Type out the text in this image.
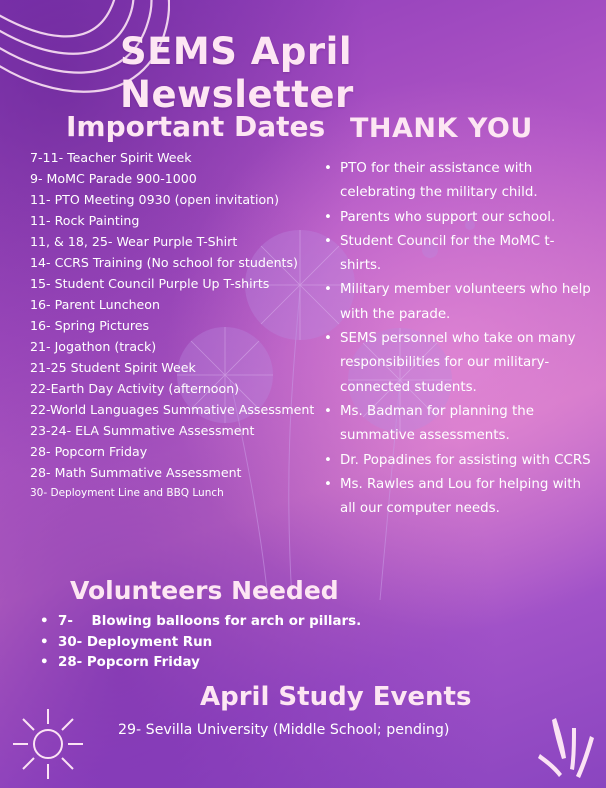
SEMS April Newsletter
Important Dates
7-11- Teacher Spirit Week
9- MoMC Parade 900-1000
11- PTO Meeting 0930 (open invitation)
11- Rock Painting
11, & 18, 25- Wear Purple T-Shirt
14- CCRS Training (No school for students)
15- Student Council Purple Up T-shirts
16- Parent Luncheon
16- Spring Pictures
21- Jogathon (track)
21-25 Student Spirit Week
22-Earth Day Activity (afternoon)
22-World Languages Summative Assessment
23-24- ELA Summative Assessment
28- Popcorn Friday
28- Math Summative Assessment
30- Deployment Line and BBQ Lunch
THANK YOU
• PTO for their assistance with celebrating the military child.
• Parents who support our school.
• Student Council for the MoMC t-shirts.
• Military member volunteers who help with the parade.
• SEMS personnel who take on many responsibilities for our military-connected students.
• Ms. Badman for planning the summative assessments.
• Dr. Popadines for assisting with CCRS
• Ms. Rawles and Lou for helping with all our computer needs.
Volunteers Needed
• 7-    Blowing balloons for arch or pillars.
• 30- Deployment Run
• 28- Popcorn Friday
April Study Events
29- Sevilla University (Middle School; pending)
